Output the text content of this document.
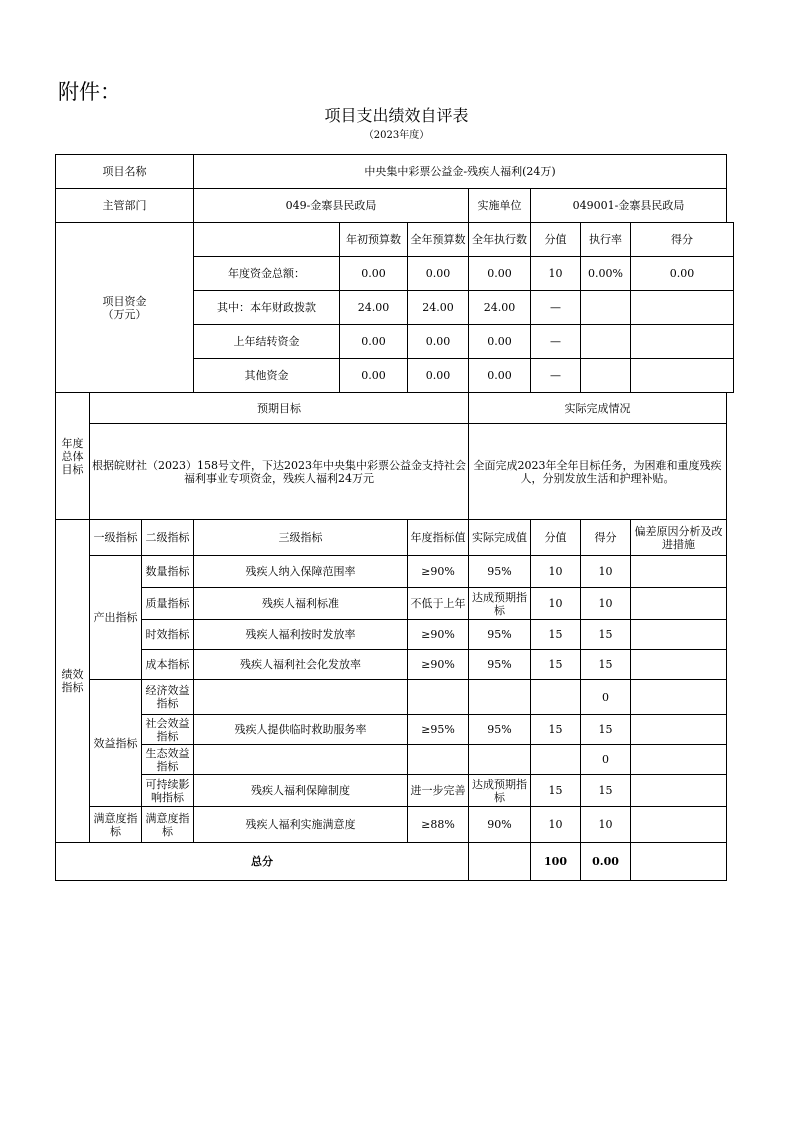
附件：
项目支出绩效自评表
（2023年度）
项目名称			中央集中彩票公益金-残疾人福利(24万)						
主管部门			049-金寨县民政局			实施单位	049001-金寨县民政局		
项目资金
（万元）				年初预算数	全年预算数	全年执行数	分值	执行率	得分
			年度资金总额：	0.00	0.00	0.00	10	0.00%	0.00
			其中：本年财政拨款	24.00	24.00	24.00	—		
			上年结转资金	0.00	0.00	0.00	—		
			其他资金	0.00	0.00	0.00	—		
年度总体目标	预期目标					实际完成情况			
	根据皖财社（2023）158号文件，下达2023年中央集中彩票公益金支持社会福利事业专项资金，残疾人福利24万元					全面完成2023年全年目标任务，为困难和重度残疾人，分别发放生活和护理补贴。			
绩效指标	一级指标	二级指标	三级指标		年度指标值	实际完成值	分值	得分	偏差原因分析及改进措施
	产出指标	数量指标	残疾人纳入保障范围率		≥90%	95%	10	10	
		质量指标	残疾人福利标准		不低于上年	达成预期指标	10	10	
		时效指标	残疾人福利按时发放率		≥90%	95%	15	15	
		成本指标	残疾人福利社会化发放率		≥90%	95%	15	15	
	效益指标	经济效益指标						0	
		社会效益指标	残疾人提供临时救助服务率		≥95%	95%	15	15	
		生态效益指标						0	
		可持续影响指标	残疾人福利保障制度		进一步完善	达成预期指标	15	15	
	满意度指标	满意度指标	残疾人福利实施满意度		≥88%	90%	10	10	
总分							100	0.00	
